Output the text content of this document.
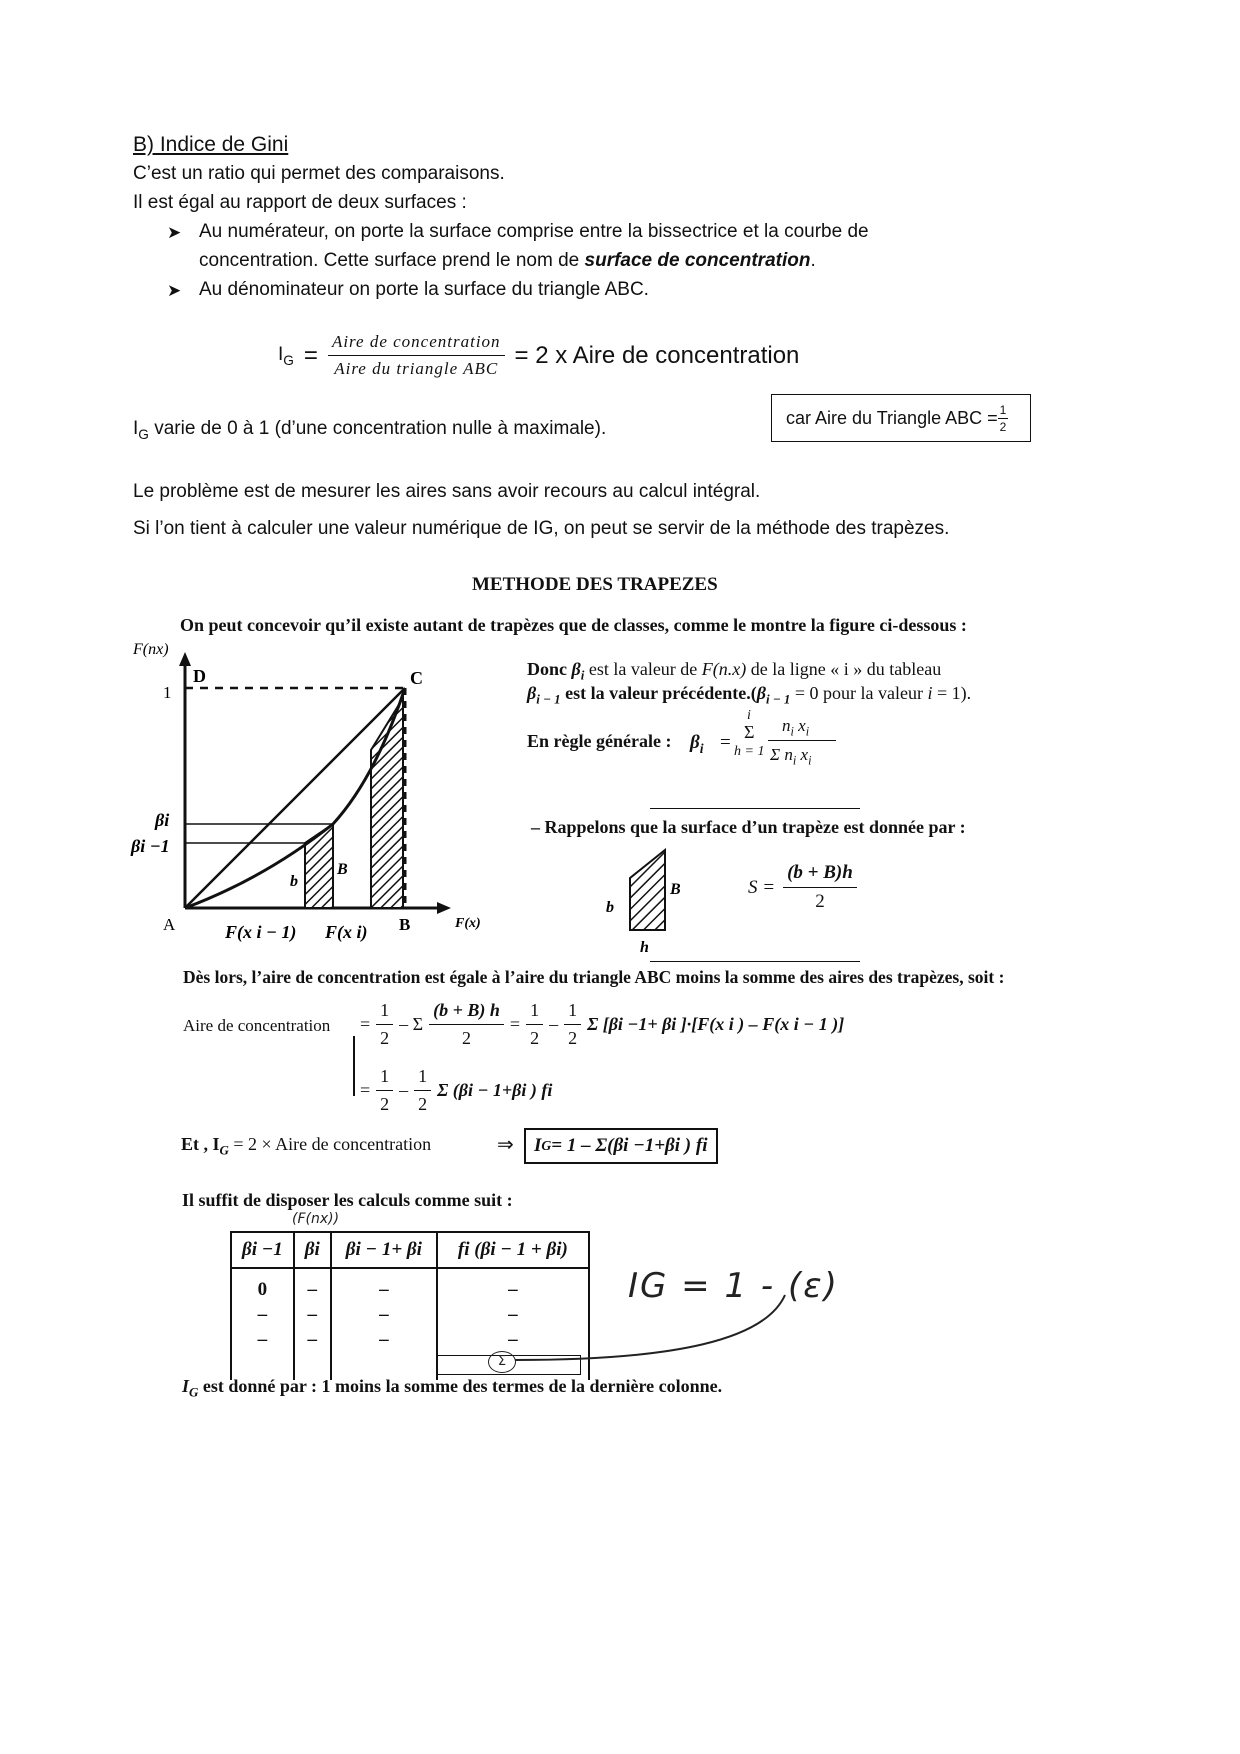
B) Indice de Gini
C’est un ratio qui permet des comparaisons.
Il est égal au rapport de deux surfaces :
➤ Au numérateur, on porte la surface comprise entre la bissectrice et la courbe de
concentration. Cette surface prend le nom de surface de concentration.
➤ Au dénominateur on porte la surface du triangle ABC.
$I_G = \frac{\text{Aire de concentration}}{\text{Aire du triangle ABC}} = 2$ x Aire de concentration
$I_G$ varie de 0 à 1 (d’une concentration nulle à maximale).
car Aire du Triangle ABC = $\frac{1}{2}$
Le problème est de mesurer les aires sans avoir recours au calcul intégral.
Si l’on tient à calculer une valeur numérique de IG, on peut se servir de la méthode des trapèzes.
METHODE DES TRAPEZES
On peut concevoir qu’il existe autant de trapèzes que de classes, comme le montre la figure ci-dessous :
F(nx)
F(x)
1
D	C
A	B
βi
βi −1
b
B
F(x i − 1) F(x i)
Donc $\beta_i$ est la valeur de F(n.x) de la ligne « i » du tableau
$\beta_{i - 1}$ est la valeur $précédente.(\beta_{i - 1} = 0$ pour la valeur i = 1).
En règle générale : $\beta_i$ =
i
Σ
h = 1
$n_i$ $x_i$
Σ $n_i$ $x_i$
– Rappelons que la surface d’un trapèze est donnée par :
b
B
h
$S = \frac{(b + B)h}{2}$
Dès lors, l’aire de concentration est égale à l’aire du triangle ABC moins la somme des aires des trapèzes, soit :
Aire de concentration = $\frac{1}{2} - \Sigma \frac{(b + B) h}{2} = \frac{1}{2} - \frac{1}{2}$ Σ [βi −1+ βi ]·[F(x i ) – F(x i − 1 )]
= $\frac{1}{2} - \frac{1}{2}$ Σ (βi − 1+βi ) fi
Et , $I_G = 2$ × Aire de concentration	⇒ I G = 1 – Σ(βi −1+βi ) fi
Il suffit de disposer les calculs comme suit :
(F(nx))
βi −1	βi	βi − 1+ βi	fi (βi − 1 + βi)
0	–	–	–
–	–	–	–
–	–	–	–

Σ
IG = 1 - (ε)
$I_G$ est donné par : 1 moins la somme des termes de la dernière colonne.
